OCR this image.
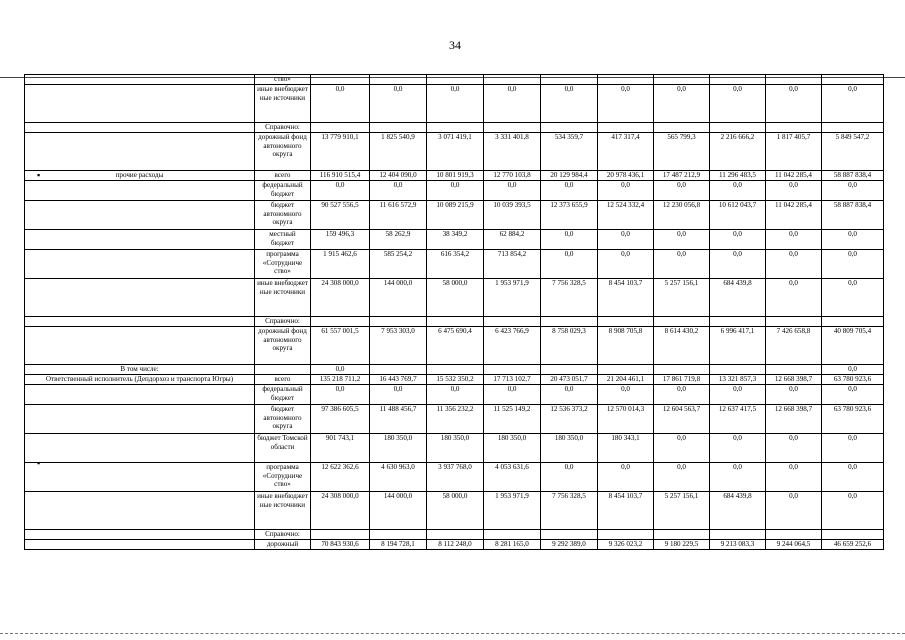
34
	ство»										
	иные внебюджет ные источники	0,0	0,0	0,0	0,0	0,0	0,0	0,0	0,0	0,0	0,0
	Справочно:										
	дорожный фонд автономного округа	13 779 910,1	1 825 540,9	3 071 419,1	3 331 401,8	534 359,7	417 317,4	565 799,3	2 216 666,2	1 817 405,7	5 849 547,2
прочие расходы	всего	116 910 515,4	12 404 090,0	10 801 919,3	12 770 103,8	20 129 984,4	20 978 436,1	17 487 212,9	11 296 483,5	11 042 285,4	58 887 838,4
	федеральный бюджет	0,0	0,0	0,0	0,0	0,0	0,0	0,0	0,0	0,0	0,0
	бюджет автономного округа	90 527 556,5	11 616 572,9	10 089 215,9	10 039 393,5	12 373 655,9	12 524 332,4	12 230 056,8	10 612 043,7	11 042 285,4	58 887 838,4
	местный бюджет	159 496,3	58 262,9	38 349,2	62 884,2	0,0	0,0	0,0	0,0	0,0	0,0
	программа «Сотрудниче ство»	1 915 462,6	585 254,2	616 354,2	713 854,2	0,0	0,0	0,0	0,0	0,0	0,0
	иные внебюджет ные источники	24 308 000,0	144 000,0	58 000,0	1 953 971,9	7 756 328,5	8 454 103,7	5 257 156,1	684 439,8	0,0	0,0
	Справочно:										
	дорожный фонд автономного округа	61 557 001,5	7 953 303,0	6 475 690,4	6 423 766,9	8 758 029,3	8 908 705,8	8 614 430,2	6 996 417,1	7 426 658,8	40 809 705,4
В том числе:		0,0									0,0
Ответственный исполнитель (Депдорхоз и транспорта Югры)	всего	135 218 711,2	16 443 769,7	15 532 350,2	17 713 102,7	20 473 051,7	21 204 461,1	17 861 719,8	13 321 857,3	12 668 398,7	63 780 923,6
	федеральный бюджет	0,0	0,0	0,0	0,0	0,0	0,0	0,0	0,0	0,0	0,0
	бюджет автономного округа	97 386 605,5	11 488 456,7	11 356 232,2	11 525 149,2	12 536 373,2	12 570 014,3	12 604 563,7	12 637 417,5	12 668 398,7	63 780 923,6
	бюджет Томской области	901 743,1	180 350,0	180 350,0	180 350,0	180 350,0	180 343,1	0,0	0,0	0,0	0,0
	программа «Сотрудниче ство»	12 622 362,6	4 630 963,0	3 937 768,0	4 053 631,6	0,0	0,0	0,0	0,0	0,0	0,0
	иные внебюджет ные источники	24 308 000,0	144 000,0	58 000,0	1 953 971,9	7 756 328,5	8 454 103,7	5 257 156,1	684 439,8	0,0	0,0
	Справочно:										
	дорожный	70 843 930,6	8 194 728,1	8 112 248,0	8 281 165,0	9 292 389,0	9 326 023,2	9 180 229,5	9 213 083,3	9 244 064,5	46 659 252,6
▪
▪
